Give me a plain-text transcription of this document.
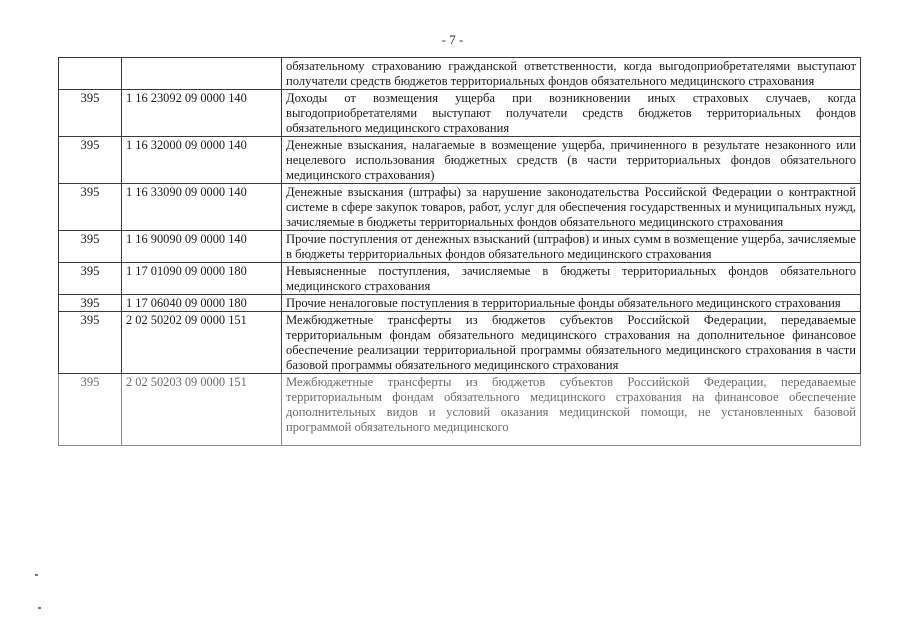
- 7 -
		обязательному страхованию гражданской ответственности, когда выгодоприобретателями выступают получатели средств бюджетов территориальных фондов обязательного медицинского страхования
395	1 16 23092 09 0000 140	Доходы от возмещения ущерба при возникновении иных страховых случаев, когда выгодоприобретателями выступают получатели средств бюджетов территориальных фондов обязательного медицинского страхования
395	1 16 32000 09 0000 140	Денежные взыскания, налагаемые в возмещение ущерба, причиненного в результате незаконного или нецелевого использования бюджетных средств (в части территориальных фондов обязательного медицинского страхования)
395	1 16 33090 09 0000 140	Денежные взыскания (штрафы) за нарушение законодательства Российской Федерации о контрактной системе в сфере закупок товаров, работ, услуг для обеспечения государственных и муниципальных нужд, зачисляемые в бюджеты территориальных фондов обязательного медицинского страхования
395	1 16 90090 09 0000 140	Прочие поступления от денежных взысканий (штрафов) и иных сумм в возмещение ущерба, зачисляемые в бюджеты территориальных фондов обязательного медицинского страхования
395	1 17 01090 09 0000 180	Невыясненные поступления, зачисляемые в бюджеты территориальных фондов обязательного медицинского страхования
395	1 17 06040 09 0000 180	Прочие неналоговые поступления в территориальные фонды обязательного медицинского страхования
395	2 02 50202 09 0000 151	Межбюджетные трансферты из бюджетов субъектов Российской Федерации, передаваемые территориальным фондам обязательного медицинского страхования на дополнительное финансовое обеспечение реализации территориальной программы обязательного медицинского страхования в части базовой программы обязательного медицинского страхования
395	2 02 50203 09 0000 151	Межбюджетные трансферты из бюджетов субъектов Российской Федерации, передаваемые территориальным фондам обязательного медицинского страхования на финансовое обеспечение дополнительных видов и условий оказания медицинской помощи, не установленных базовой программой обязательного медицинского
